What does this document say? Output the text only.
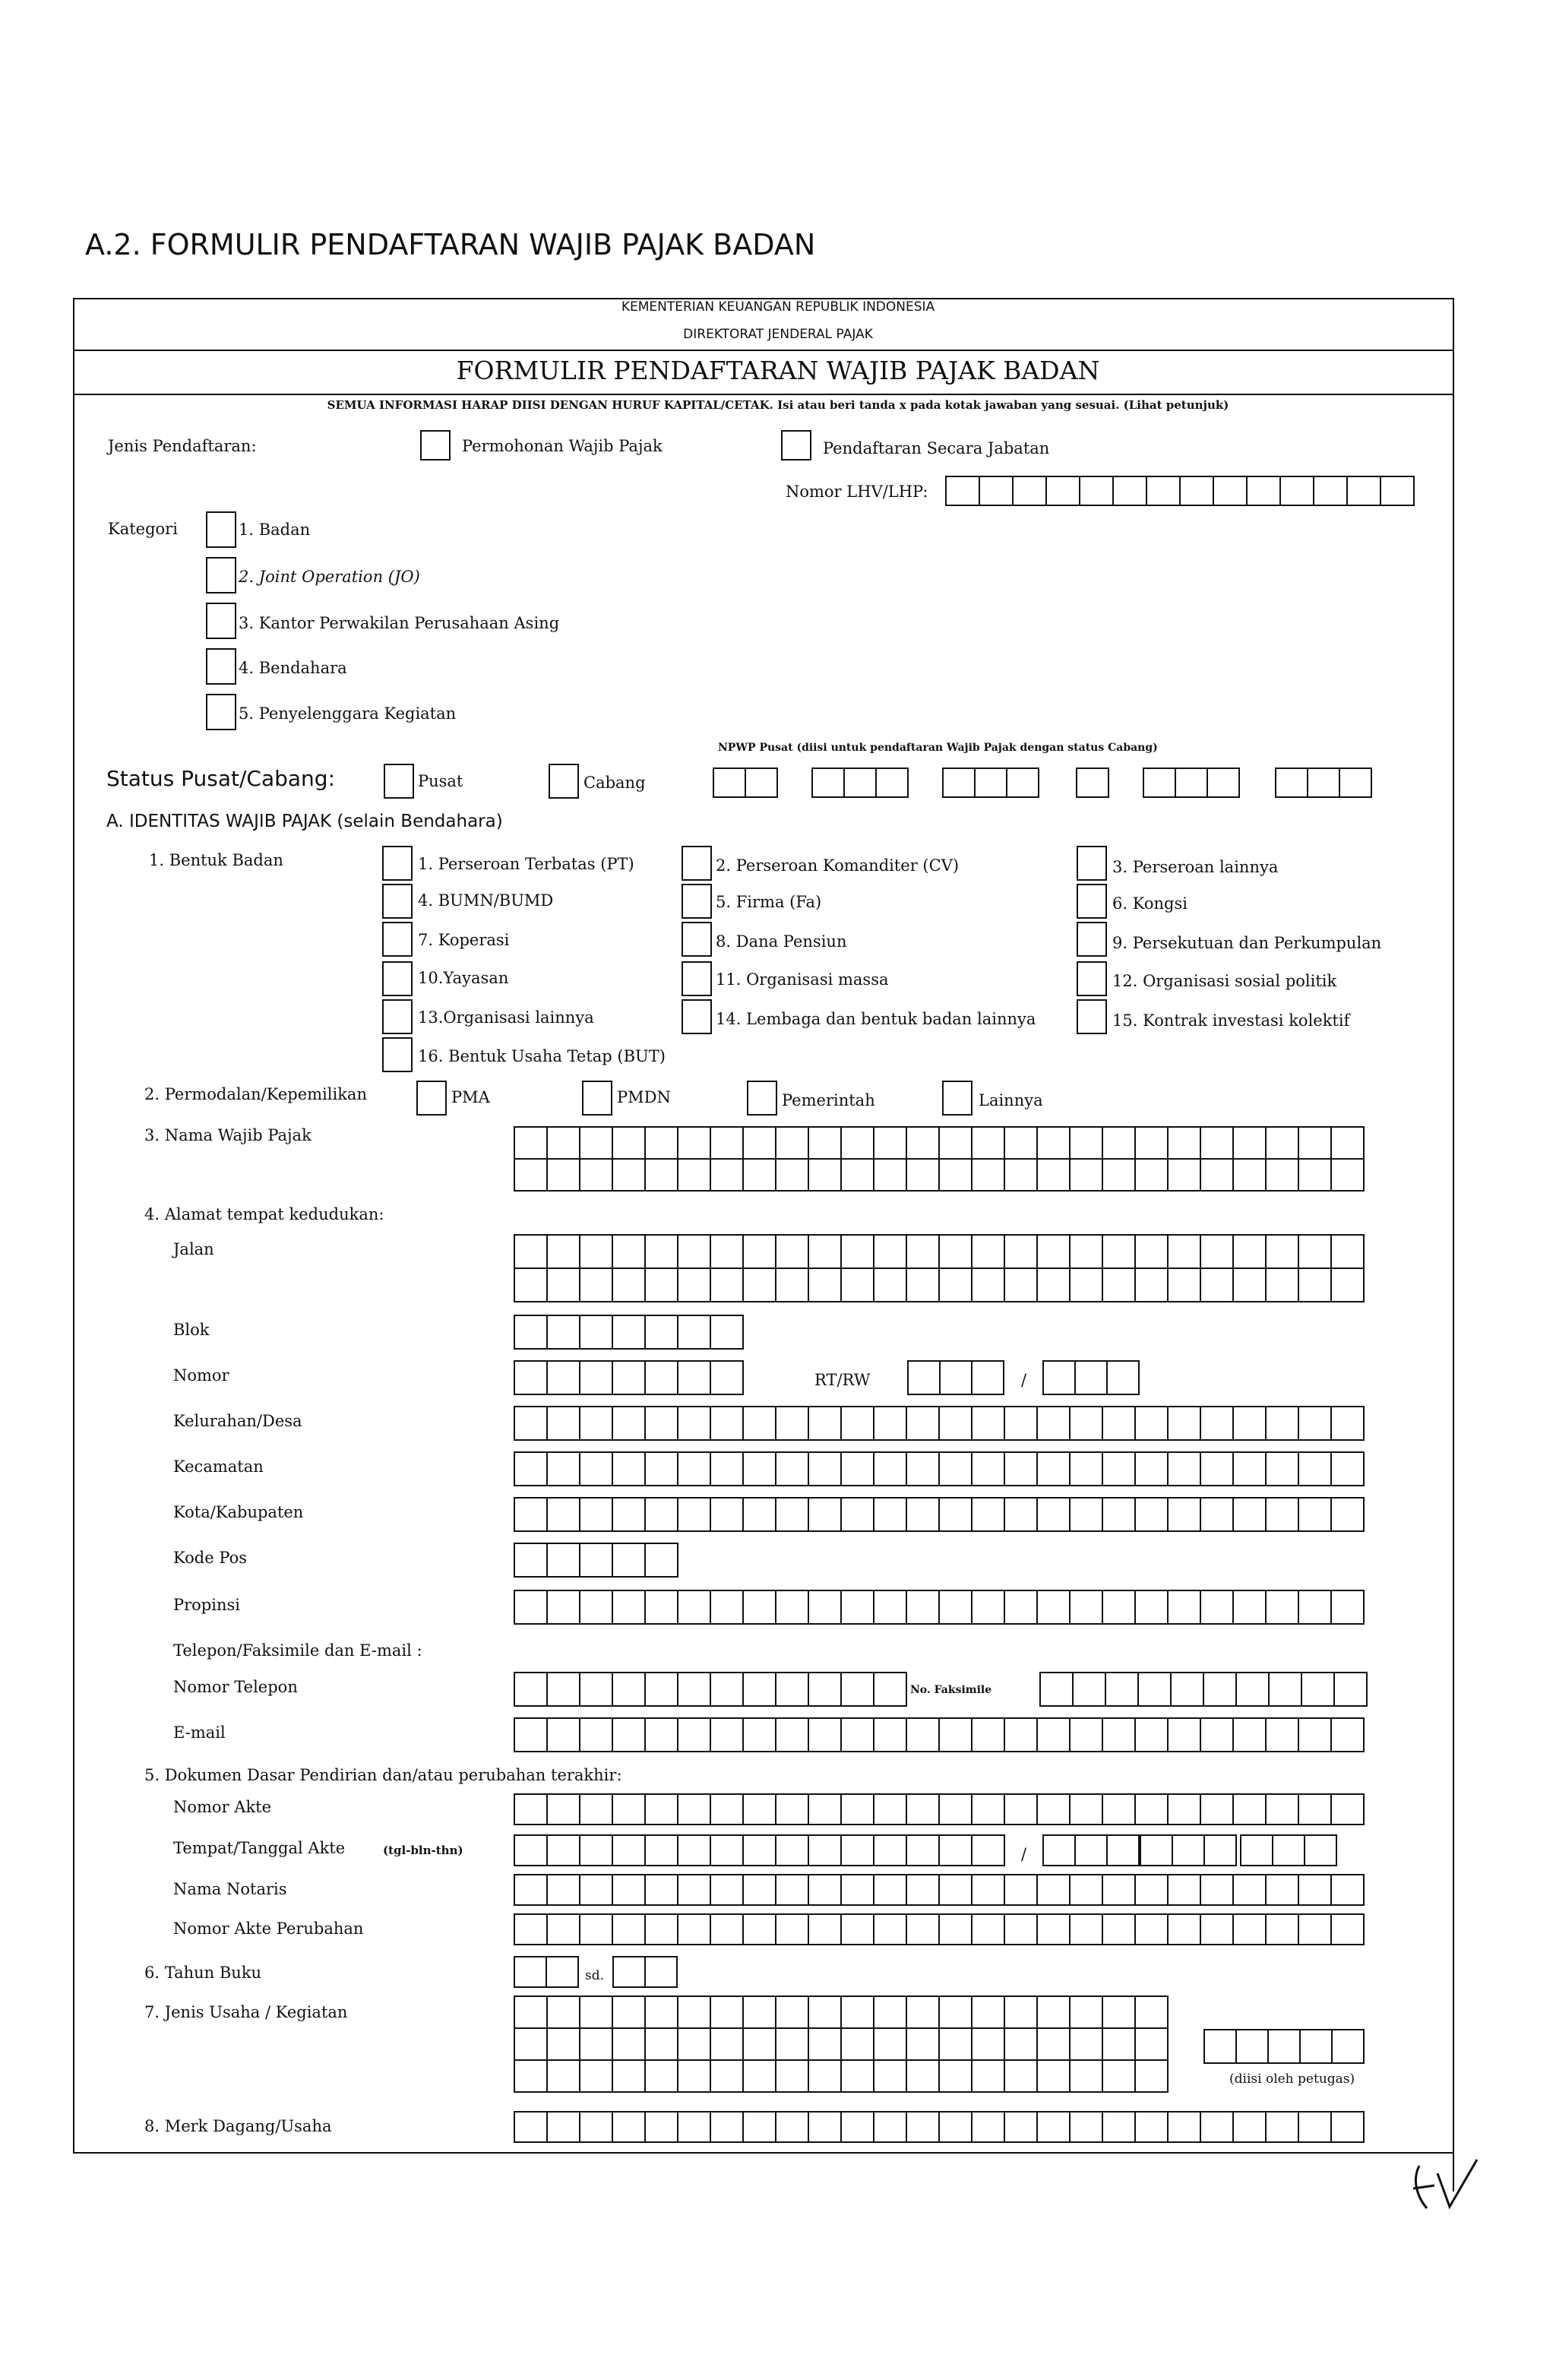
A.2. FORMULIR PENDAFTARAN WAJIB PAJAK BADAN
KEMENTERIAN KEUANGAN REPUBLIK INDONESIA
DIREKTORAT JENDERAL PAJAK
FORMULIR PENDAFTARAN WAJIB PAJAK BADAN
SEMUA INFORMASI HARAP DIISI DENGAN HURUF KAPITAL/CETAK. Isi atau beri tanda x pada kotak jawaban yang sesuai. (Lihat petunjuk)
Jenis Pendaftaran:	Permohonan Wajib Pajak	Pendaftaran Secara Jabatan
Nomor LHV/LHP:
Kategori	1. Badan
2. Joint Operation (JO)
3. Kantor Perwakilan Perusahaan Asing
4. Bendahara
5. Penyelenggara Kegiatan
NPWP Pusat (diisi untuk pendaftaran Wajib Pajak dengan status Cabang)
Status Pusat/Cabang:	Pusat	Cabang
A. IDENTITAS WAJIB PAJAK (selain Bendahara)
1. Bentuk Badan	1. Perseroan Terbatas (PT)	2. Perseroan Komanditer (CV)	3. Perseroan lainnya
4. BUMN/BUMD	5. Firma (Fa)	6. Kongsi
7. Koperasi	8. Dana Pensiun	9. Persekutuan dan Perkumpulan
10.Yayasan	11. Organisasi massa	12. Organisasi sosial politik
13.Organisasi lainnya	14. Lembaga dan bentuk badan lainnya	15. Kontrak investasi kolektif
16. Bentuk Usaha Tetap (BUT)
2. Permodalan/Kepemilikan	PMA	PMDN	Pemerintah	Lainnya
3. Nama Wajib Pajak
4. Alamat tempat kedudukan:
Jalan
Blok
Nomor	RT/RW	/
Kelurahan/Desa
Kecamatan
Kota/Kabupaten
Kode Pos
Propinsi
Telepon/Faksimile dan E-mail :
Nomor Telepon	No. Faksimile
E-mail
5. Dokumen Dasar Pendirian dan/atau perubahan terakhir:
Nomor Akte
Tempat/Tanggal Akte	(tgl-bln-thn)	/
Nama Notaris
Nomor Akte Perubahan
6. Tahun Buku	sd.
7. Jenis Usaha / Kegiatan
(diisi oleh petugas)
8. Merk Dagang/Usaha
